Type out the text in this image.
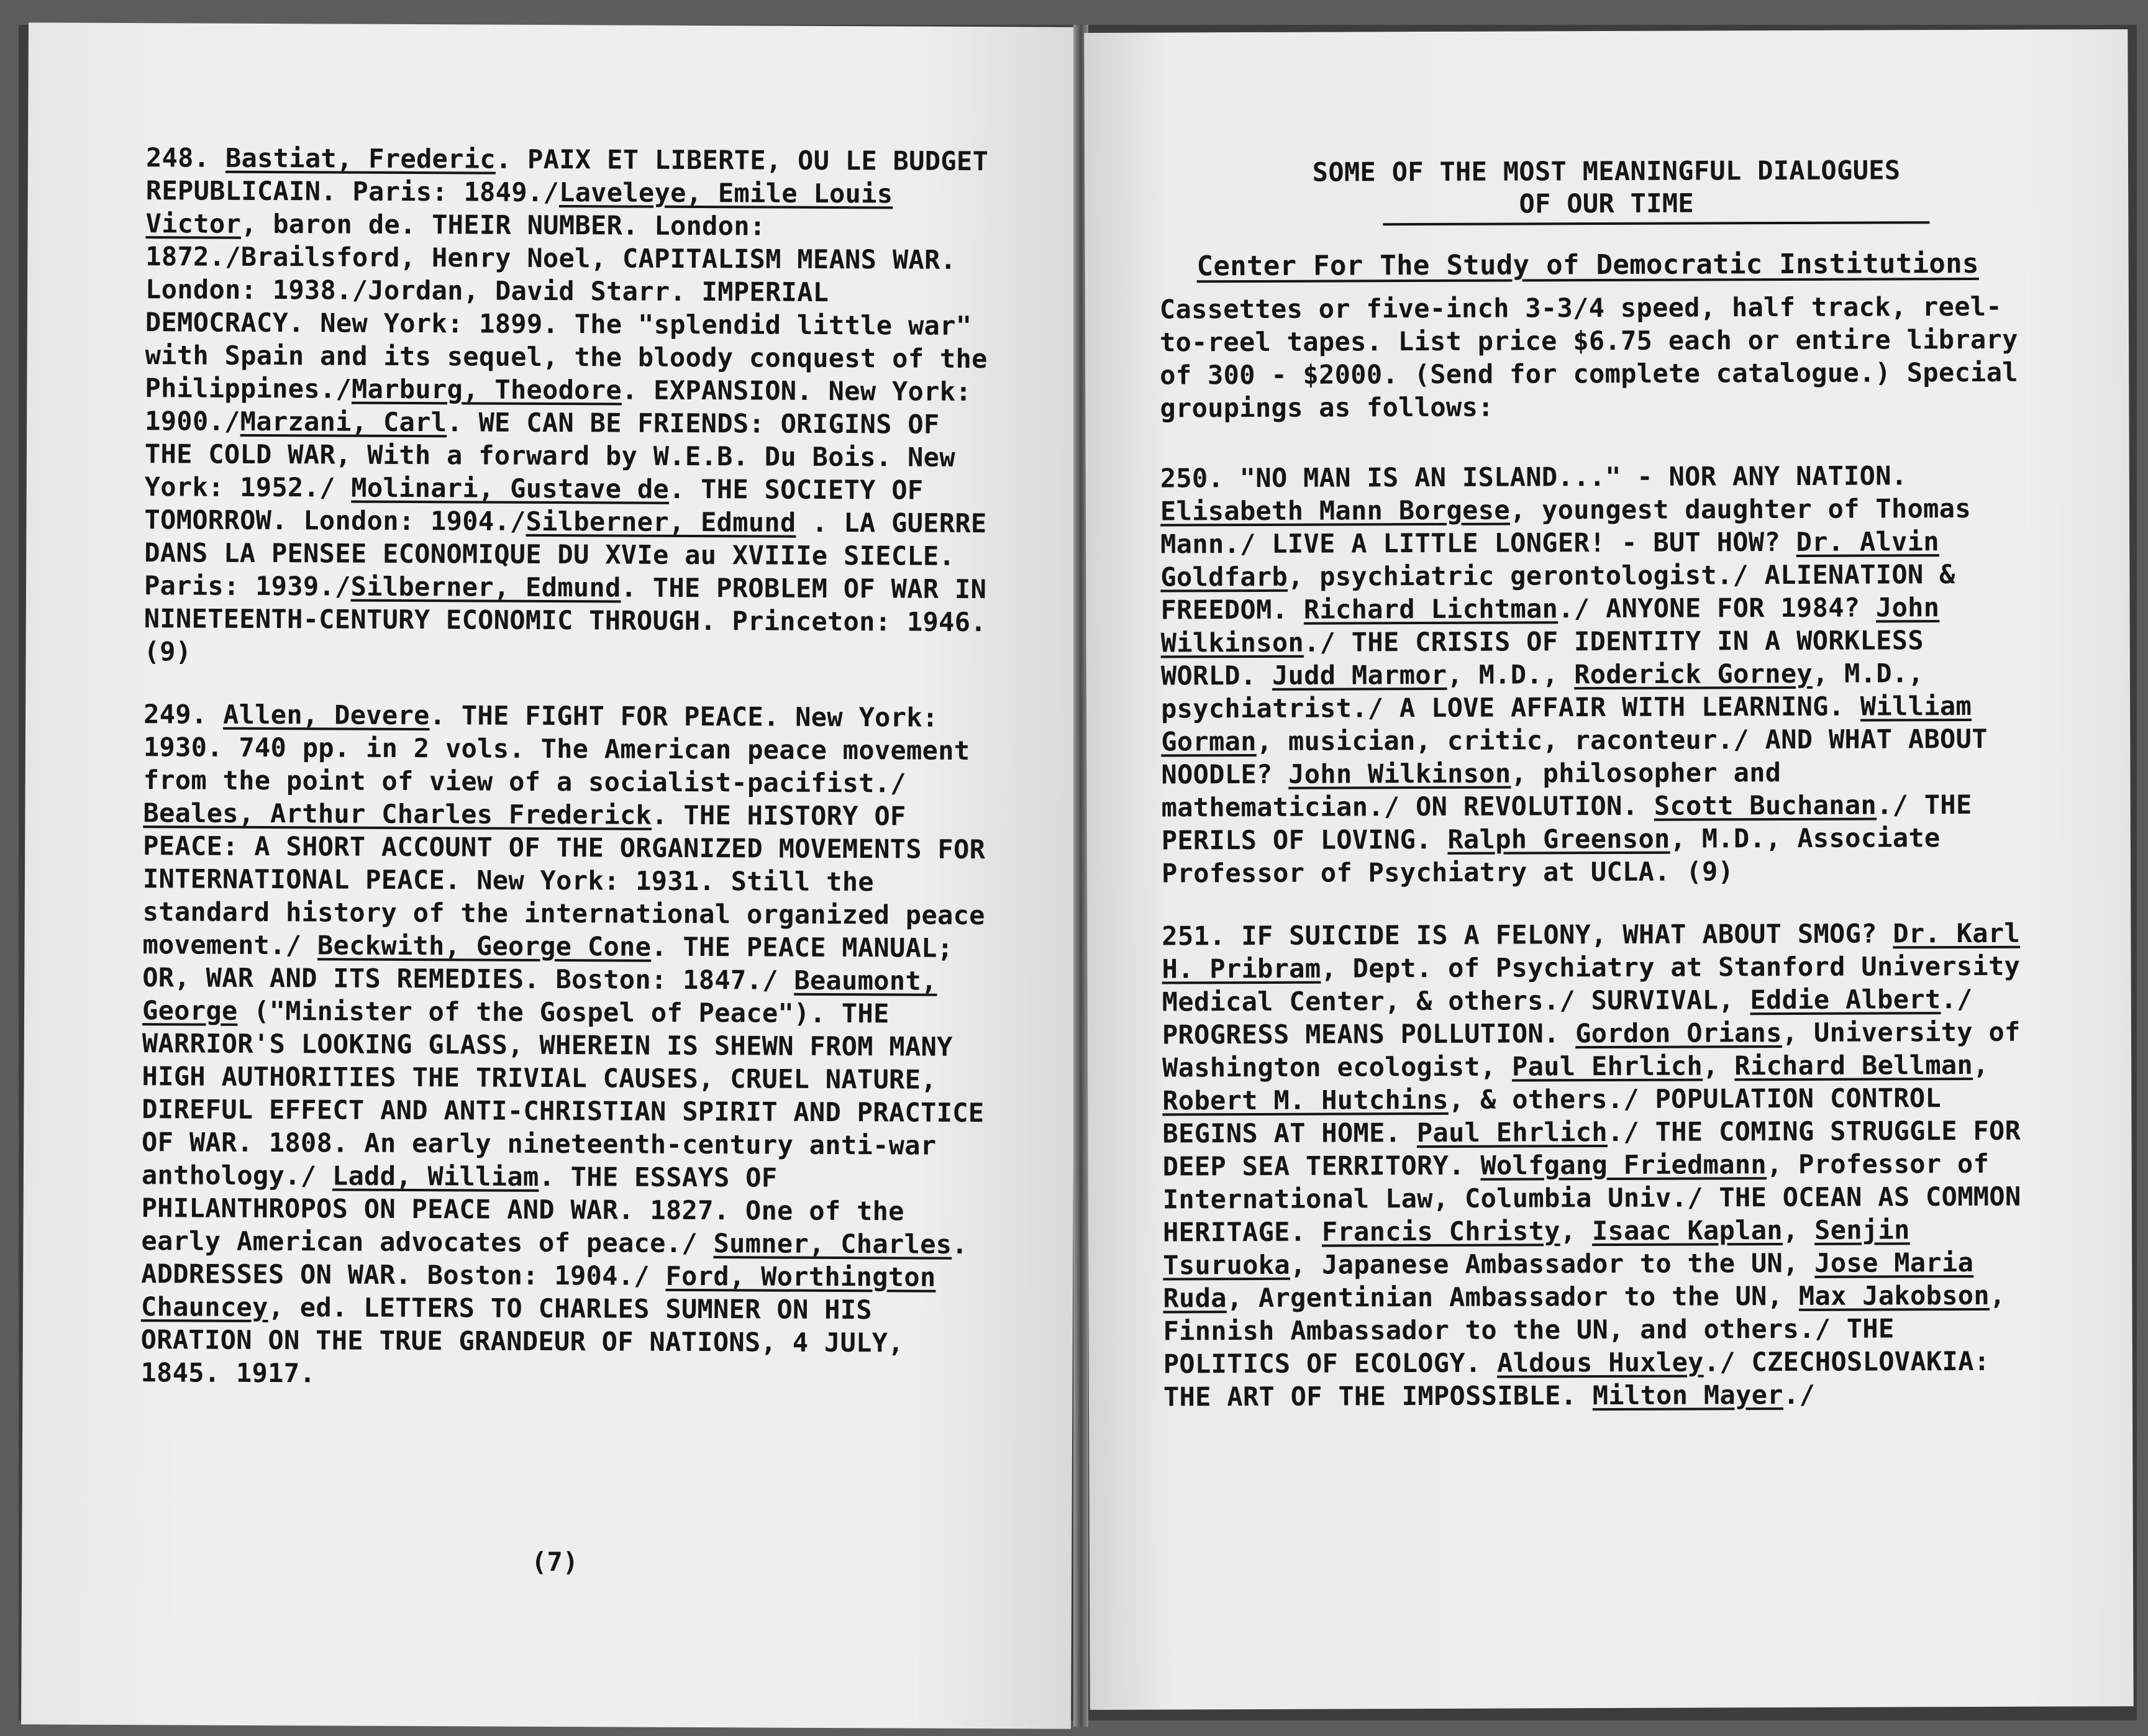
248. Bastiat, Frederic. PAIX ET LIBERTE, OU LE BUDGET REPUBLICAIN. Paris: 1849./Laveleye, Emile Louis Victor, baron de. THEIR NUMBER. London: 1872./Brailsford, Henry Noel, CAPITALISM MEANS WAR. London: 1938./Jordan, David Starr. IMPERIAL DEMOCRACY. New York: 1899. The "splendid little war" with Spain and its sequel, the bloody conquest of the Philippines./Marburg, Theodore. EXPANSION. New York: 1900./Marzani, Carl. WE CAN BE FRIENDS: ORIGINS OF THE COLD WAR, With a forward by W.E.B. Du Bois. New York: 1952./ Molinari, Gustave de. THE SOCIETY OF TOMORROW. London: 1904./Silberner, Edmund . LA GUERRE DANS LA PENSEE ECONOMIQUE DU XVIe au XVIIIe SIECLE. Paris: 1939./Silberner, Edmund. THE PROBLEM OF WAR IN NINETEENTH-CENTURY ECONOMIC THROUGH. Princeton: 1946. (9)

249. Allen, Devere. THE FIGHT FOR PEACE. New York: 1930. 740 pp. in 2 vols. The American peace movement from the point of view of a socialist-pacifist./ Beales, Arthur Charles Frederick. THE HISTORY OF PEACE: A SHORT ACCOUNT OF THE ORGANIZED MOVEMENTS FOR INTERNATIONAL PEACE. New York: 1931. Still the standard history of the international organized peace movement./ Beckwith, George Cone. THE PEACE MANUAL; OR, WAR AND ITS REMEDIES. Boston: 1847./ Beaumont, George ("Minister of the Gospel of Peace"). THE WARRIOR'S LOOKING GLASS, WHEREIN IS SHEWN FROM MANY HIGH AUTHORITIES THE TRIVIAL CAUSES, CRUEL NATURE, DIREFUL EFFECT AND ANTI-CHRISTIAN SPIRIT AND PRACTICE OF WAR. 1808. An early nineteenth-century anti-war anthology./ Ladd, William. THE ESSAYS OF PHILANTHROPOS ON PEACE AND WAR. 1827. One of the early American advocates of peace./ Sumner, Charles. ADDRESSES ON WAR. Boston: 1904./ Ford, Worthington Chauncey, ed. LETTERS TO CHARLES SUMNER ON HIS ORATION ON THE TRUE GRANDEUR OF NATIONS, 4 JULY, 1845. 1917.

(7)
SOME OF THE MOST MEANINGFUL DIALOGUES
OF OUR TIME
Center For The Study of Democratic Institutions

Cassettes or five-inch 3-3/4 speed, half track, reel-to-reel tapes. List price $6.75 each or entire library of 300 - $2000. (Send for complete catalogue.) Special groupings as follows:

250. "NO MAN IS AN ISLAND..." - NOR ANY NATION. Elisabeth Mann Borgese, youngest daughter of Thomas Mann./ LIVE A LITTLE LONGER! - BUT HOW? Dr. Alvin Goldfarb, psychiatric gerontologist./ ALIENATION & FREEDOM. Richard Lichtman./ ANYONE FOR 1984? John Wilkinson./ THE CRISIS OF IDENTITY IN A WORKLESS WORLD. Judd Marmor, M.D., Roderick Gorney, M.D., psychiatrist./ A LOVE AFFAIR WITH LEARNING. William Gorman, musician, critic, raconteur./ AND WHAT ABOUT NOODLE? John Wilkinson, philosopher and mathematician./ ON REVOLUTION. Scott Buchanan./ THE PERILS OF LOVING. Ralph Greenson, M.D., Associate Professor of Psychiatry at UCLA. (9)

251. IF SUICIDE IS A FELONY, WHAT ABOUT SMOG? Dr. Karl H. Pribram, Dept. of Psychiatry at Stanford University Medical Center, & others./ SURVIVAL, Eddie Albert./ PROGRESS MEANS POLLUTION. Gordon Orians, University of Washington ecologist, Paul Ehrlich, Richard Bellman, Robert M. Hutchins, & others./ POPULATION CONTROL BEGINS AT HOME. Paul Ehrlich./ THE COMING STRUGGLE FOR DEEP SEA TERRITORY. Wolfgang Friedmann, Professor of International Law, Columbia Univ./ THE OCEAN AS COMMON HERITAGE. Francis Christy, Isaac Kaplan, Senjin Tsuruoka, Japanese Ambassador to the UN, Jose Maria Ruda, Argentinian Ambassador to the UN, Max Jakobson, Finnish Ambassador to the UN, and others./ THE POLITICS OF ECOLOGY. Aldous Huxley./ CZECHOSLOVAKIA: THE ART OF THE IMPOSSIBLE. Milton Mayer./
